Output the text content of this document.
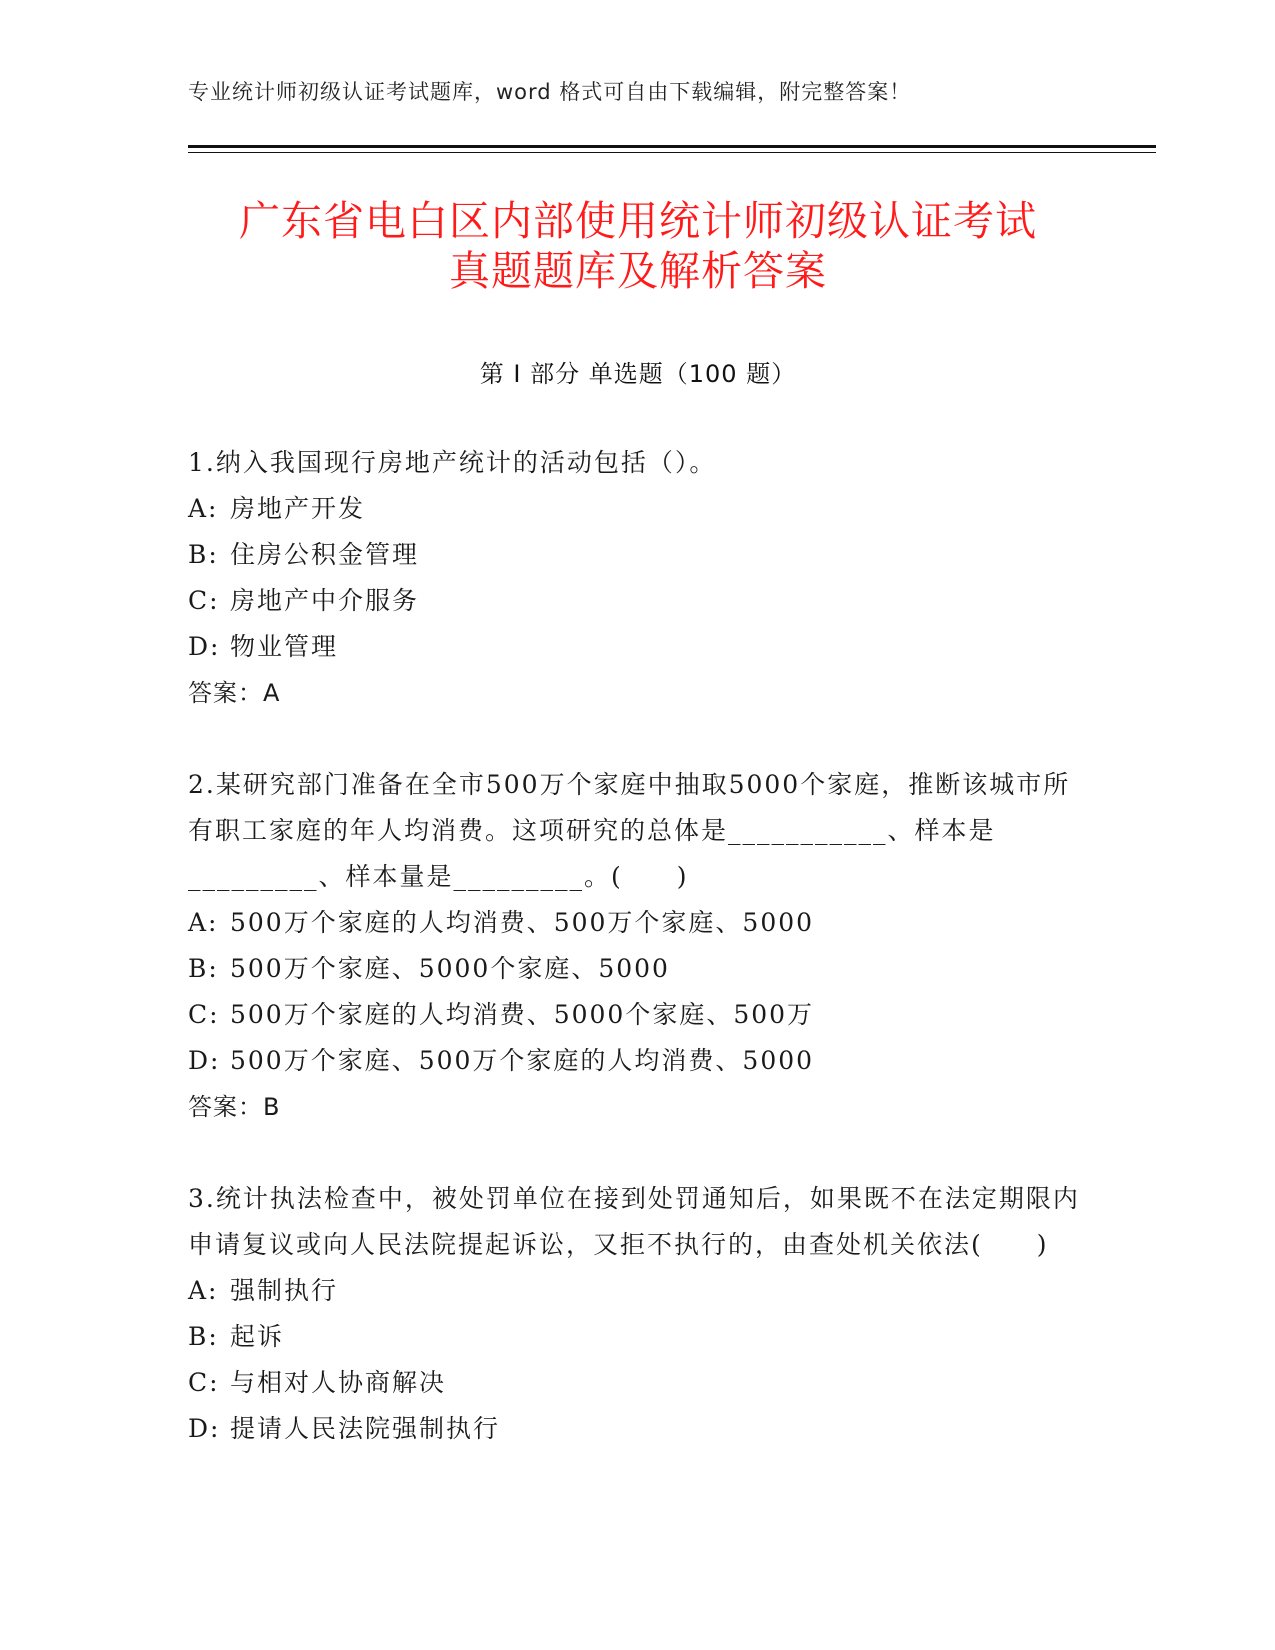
专业统计师初级认证考试题库，word 格式可自由下载编辑，附完整答案！
广东省电白区内部使用统计师初级认证考试
真题题库及解析答案
第 I 部分 单选题（100 题）

1.纳入我国现行房地产统计的活动包括（）。

A: 房地产开发

B: 住房公积金管理

C: 房地产中介服务

D: 物业管理

答案：A

2.某研究部门准备在全市500万个家庭中抽取5000个家庭，推断该城市所有职工家庭的年人均消费。这项研究的总体是___________、样本是_________、样本量是_________。(　　)

A: 500万个家庭的人均消费、500万个家庭、5000

B: 500万个家庭、5000个家庭、5000

C: 500万个家庭的人均消费、5000个家庭、500万

D: 500万个家庭、500万个家庭的人均消费、5000

答案：B

3.统计执法检查中，被处罚单位在接到处罚通知后，如果既不在法定期限内申请复议或向人民法院提起诉讼，又拒不执行的，由查处机关依法(　　)

A: 强制执行

B: 起诉

C: 与相对人协商解决

D: 提请人民法院强制执行
